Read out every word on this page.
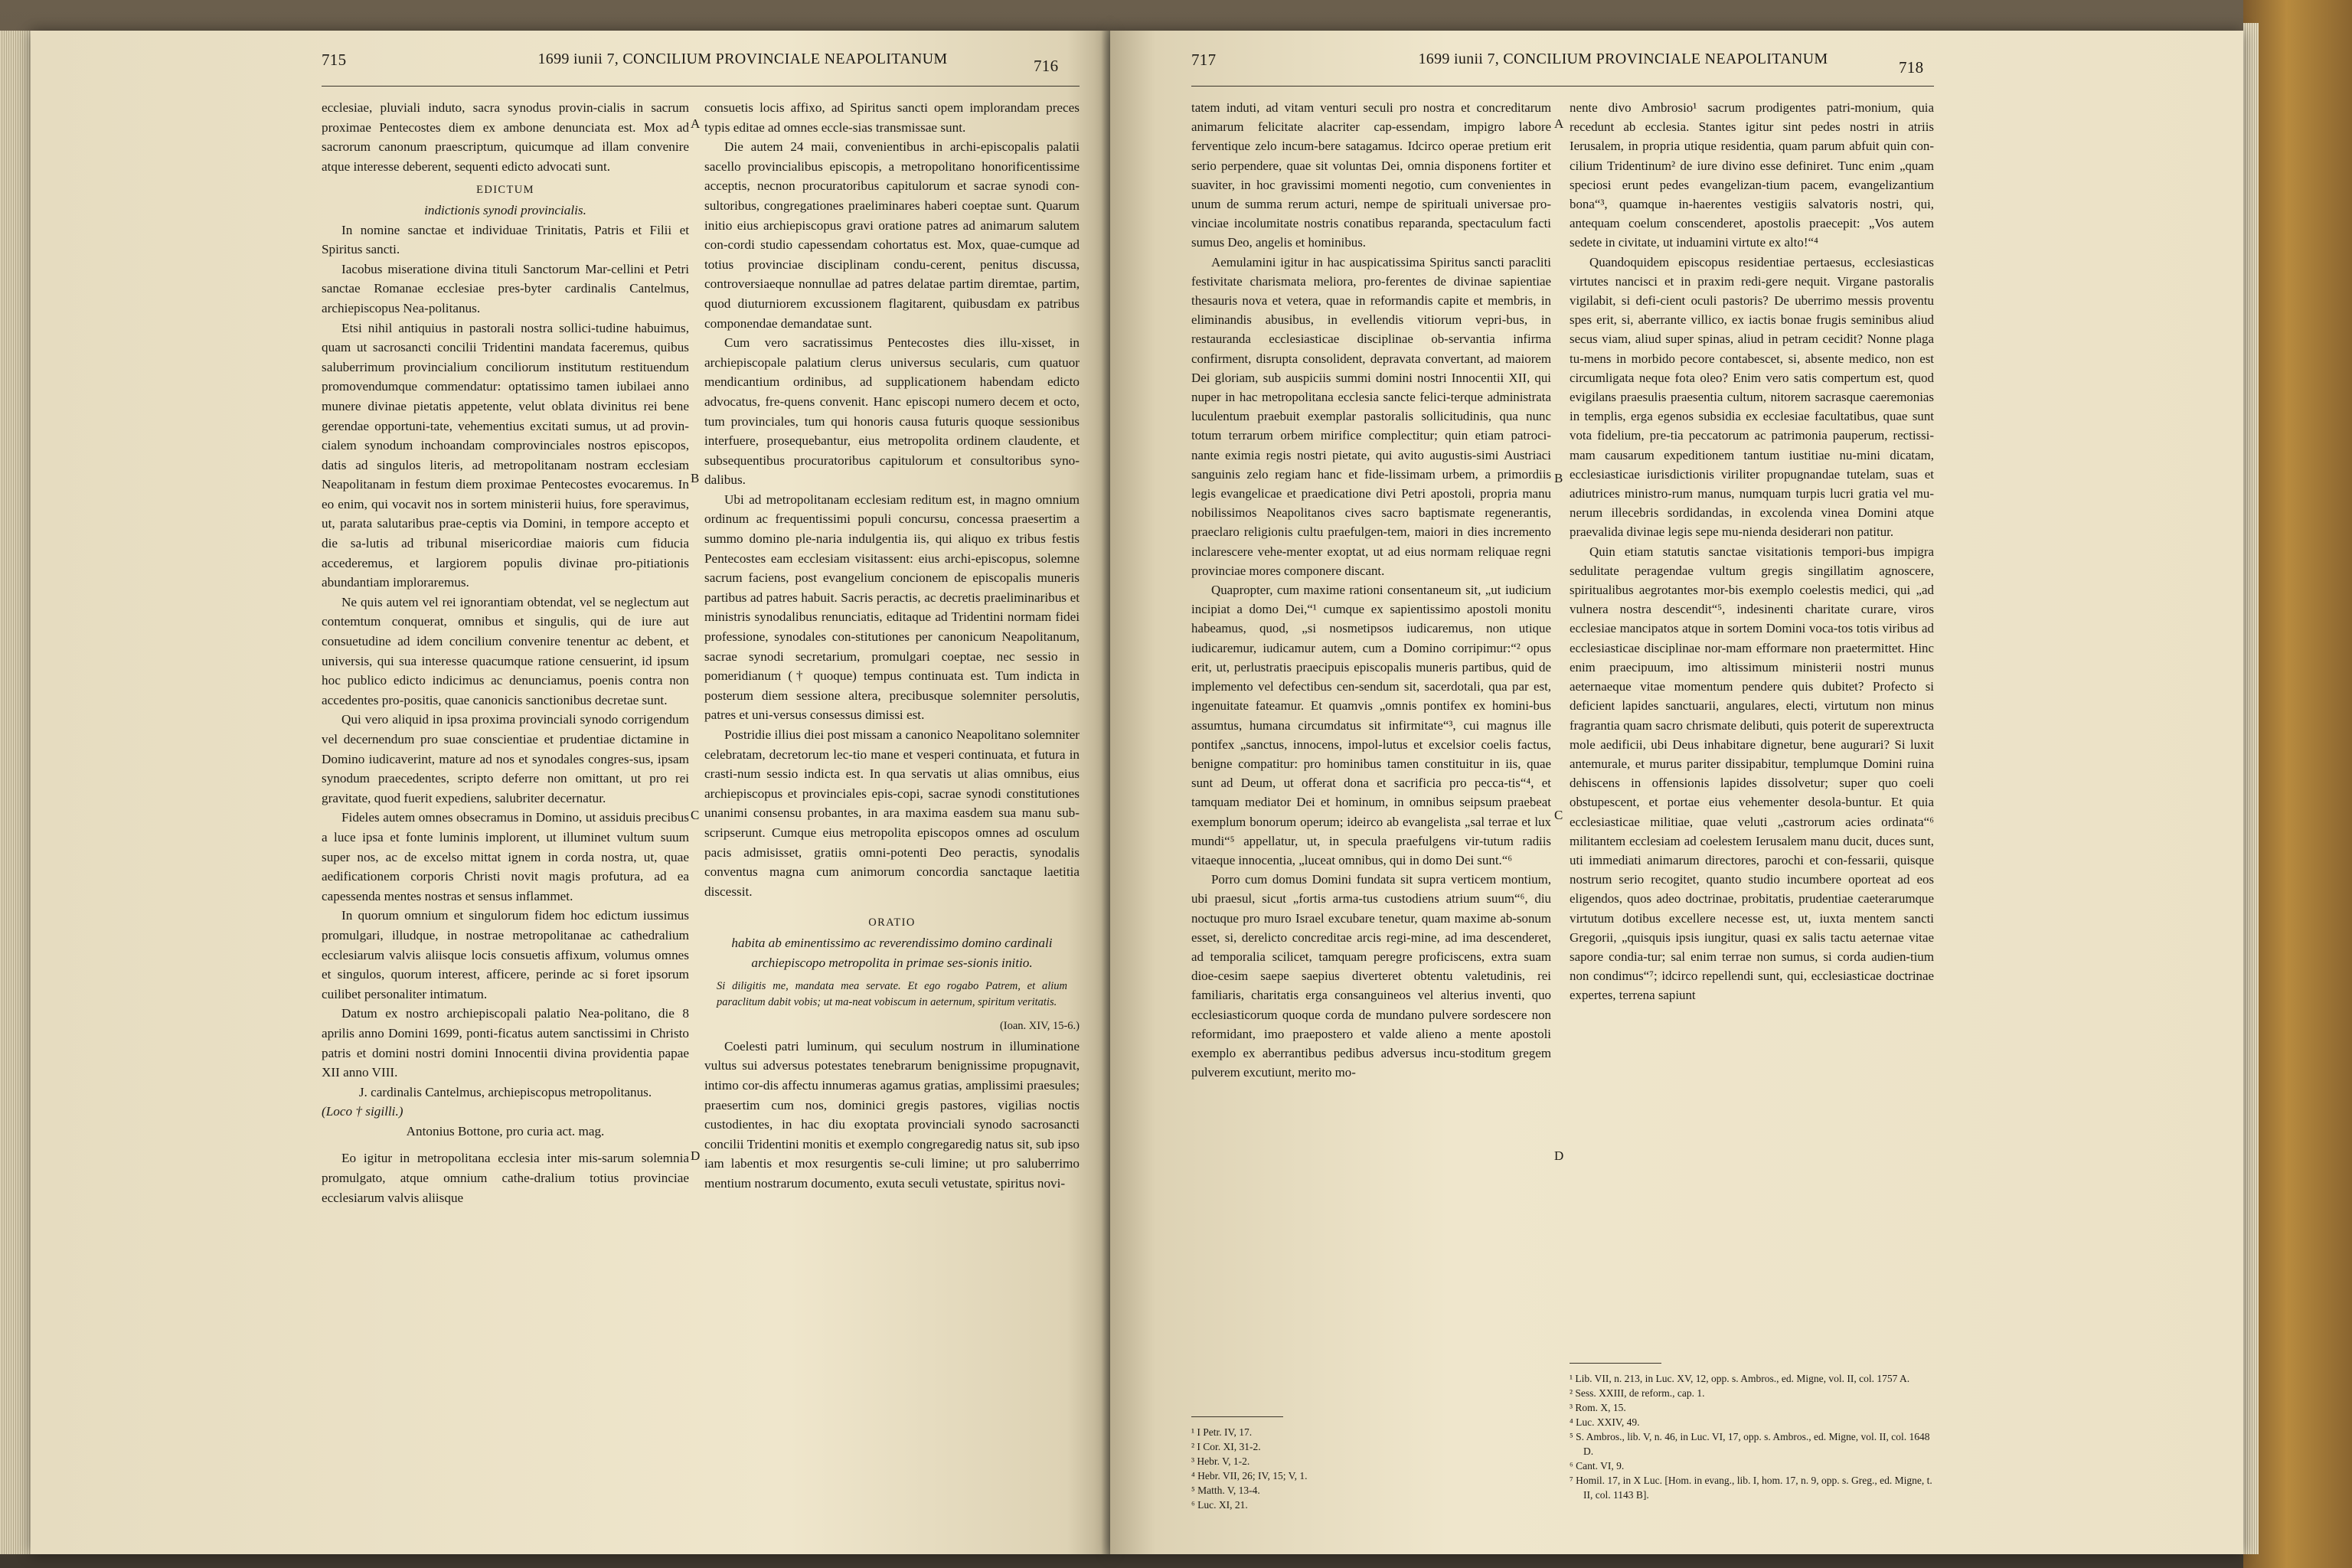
715	1699 iunii 7, CONCILIUM PROVINCIALE NEAPOLITANUM	716

ecclesiae, pluviali induto, sacra synodus provin-cialis in sacrum proximae Pentecostes diem ex ambone denunciata est. Mox ad sacrorum canonum praescriptum, quicumque ad illam convenire atque interesse deberent, sequenti edicto advocati sunt.

EDICTUM

indictionis synodi provincialis.

In nomine sanctae et individuae Trinitatis, Patris et Filii et Spiritus sancti.

Iacobus miseratione divina tituli Sanctorum Mar-cellini et Petri sanctae Romanae ecclesiae pres-byter cardinalis Cantelmus, archiepiscopus Nea-politanus.

Etsi nihil antiquius in pastorali nostra sollici-tudine habuimus, quam ut sacrosancti concilii Tridentini mandata faceremus, quibus saluberrimum provincialium conciliorum institutum restituendum promovendumque commendatur: optatissimo tamen iubilaei anno munere divinae pietatis appetente, velut oblata divinitus rei bene gerendae opportuni-tate, vehementius excitati sumus, ut ad provin-cialem synodum inchoandam comprovinciales nostros episcopos, datis ad singulos literis, ad metropolitanam nostram ecclesiam Neapolitanam in festum diem proximae Pentecostes evocaremus. In eo enim, qui vocavit nos in sortem ministerii huius, fore speravimus, ut, parata salutaribus prae-ceptis via Domini, in tempore accepto et die sa-lutis ad tribunal misericordiae maioris cum fiducia accederemus, et largiorem populis divinae pro-pitiationis abundantiam imploraremus.

Ne quis autem vel rei ignorantiam obtendat, vel se neglectum aut contemtum conquerat, omnibus et singulis, qui de iure aut consuetudine ad idem concilium convenire tenentur ac debent, et universis, qui sua interesse quacumque ratione censuerint, id ipsum hoc publico edicto indicimus ac denunciamus, poenis contra non accedentes pro-positis, quae canonicis sanctionibus decretae sunt.

Qui vero aliquid in ipsa proxima provinciali synodo corrigendum vel decernendum pro suae conscientiae et prudentiae dictamine in Domino iudicaverint, mature ad nos et synodales congres-sus, ipsam synodum praecedentes, scripto deferre non omittant, ut pro rei gravitate, quod fuerit expediens, salubriter decernatur.

Fideles autem omnes obsecramus in Domino, ut assiduis precibus a luce ipsa et fonte luminis implorent, ut illuminet vultum suum super nos, ac de excelso mittat ignem in corda nostra, ut, quae aedificationem corporis Christi novit magis profutura, ad ea capessenda mentes nostras et sensus inflammet.

In quorum omnium et singulorum fidem hoc edictum iussimus promulgari, illudque, in nostrae metropolitanae ac cathedralium ecclesiarum valvis aliisque locis consuetis affixum, volumus omnes et singulos, quorum interest, afficere, perinde ac si foret ipsorum cuilibet personaliter intimatum.

Datum ex nostro archiepiscopali palatio Nea-politano, die 8 aprilis anno Domini 1699, ponti-ficatus autem sanctissimi in Christo patris et domini nostri domini Innocentii divina providentia papae XII anno VIII.

J. cardinalis Cantelmus, archiepiscopus metropolitanus.

(Loco † sigilli.)

Antonius Bottone, pro curia act. mag.

Eo igitur in metropolitana ecclesia inter mis-sarum solemnia promulgato, atque omnium cathe-dralium totius provinciae ecclesiarum valvis aliisque

consuetis locis affixo, ad Spiritus sancti opem implorandam preces typis editae ad omnes eccle-sias transmissae sunt.

Die autem 24 maii, convenientibus in archi-episcopalis palatii sacello provincialibus episcopis, a metropolitano honorificentissime acceptis, necnon procuratoribus capitulorum et sacrae synodi con-sultoribus, congregationes praeliminares haberi coeptae sunt. Quarum initio eius archiepiscopus gravi oratione patres ad animarum salutem con-cordi studio capessendam cohortatus est. Mox, quae-cumque ad totius provinciae disciplinam condu-cerent, penitus discussa, controversiaeque nonnullae ad patres delatae partim diremtae, partim, quod diuturniorem excussionem flagitarent, quibusdam ex patribus componendae demandatae sunt.

Cum vero sacratissimus Pentecostes dies illu-xisset, in archiepiscopale palatium clerus universus secularis, cum quatuor mendicantium ordinibus, ad supplicationem habendam edicto advocatus, fre-quens convenit. Hanc episcopi numero decem et octo, tum provinciales, tum qui honoris causa futuris quoque sessionibus interfuere, prosequebantur, eius metropolita ordinem claudente, et subsequentibus procuratoribus capitulorum et consultoribus syno-dalibus.

Ubi ad metropolitanam ecclesiam reditum est, in magno omnium ordinum ac frequentissimi populi concursu, concessa praesertim a summo domino ple-naria indulgentia iis, qui aliquo ex tribus festis Pentecostes eam ecclesiam visitassent: eius archi-episcopus, solemne sacrum faciens, post evangelium concionem de episcopalis muneris partibus ad patres habuit. Sacris peractis, ac decretis praeliminaribus et ministris synodalibus renunciatis, editaque ad Tridentini normam fidei professione, synodales con-stitutiones per canonicum Neapolitanum, sacrae synodi secretarium, promulgari coeptae, nec sessio in pomeridianum († quoque) tempus continuata est. Tum indicta in posterum diem sessione altera, precibusque solemniter persolutis, patres et uni-versus consessus dimissi est.

Postridie illius diei post missam a canonico Neapolitano solemniter celebratam, decretorum lec-tio mane et vesperi continuata, et futura in crasti-num sessio indicta est. In qua servatis ut alias omnibus, eius archiepiscopus et provinciales epis-copi, sacrae synodi constitutiones unanimi consensu probantes, in ara maxima easdem sua manu sub-scripserunt. Cumque eius metropolita episcopos omnes ad osculum pacis admisisset, gratiis omni-potenti Deo peractis, synodalis conventus magna cum animorum concordia sanctaque laetitia discessit.

ORATIO

habita ab eminentissimo ac reverendissimo domino cardinali archiepiscopo metropolita in primae ses-sionis initio.

Si diligitis me, mandata mea servate. Et ego rogabo Patrem, et alium paraclitum dabit vobis; ut ma-neat vobiscum in aeternum, spiritum veritatis.

(Ioan. XIV, 15-6.)

Coelesti patri luminum, qui seculum nostrum in illuminatione vultus sui adversus potestates tenebrarum benignissime propugnavit, intimo cor-dis affectu innumeras agamus gratias, amplissimi praesules; praesertim cum nos, dominici gregis pastores, vigilias noctis custodientes, in hac diu exoptata provinciali synodo sacrosancti concilii Tridentini monitis et exemplo congregaredig natus sit, sub ipso iam labentis et mox resurgentis se-culi limine; ut pro saluberrimo mentium nostrarum documento, exuta seculi vetustate, spiritus novi-

A
B
C
D
717	1699 iunii 7, CONCILIUM PROVINCIALE NEAPOLITANUM	718

tatem induti, ad vitam venturi seculi pro nostra et concreditarum animarum felicitate alacriter cap-essendam, impigro labore ferventique zelo incum-bere satagamus. Idcirco operae pretium erit serio perpendere, quae sit voluntas Dei, omnia disponens fortiter et suaviter, in hoc gravissimi momenti negotio, cum convenientes in unum de summa rerum acturi, nempe de spirituali universae pro-vinciae incolumitate nostris conatibus reparanda, spectaculum facti sumus Deo, angelis et hominibus.

Aemulamini igitur in hac auspicatissima Spiritus sancti paracliti festivitate charismata meliora, pro-ferentes de divinae sapientiae thesauris nova et vetera, quae in reformandis capite et membris, in eliminandis abusibus, in evellendis vitiorum vepri-bus, in restauranda ecclesiasticae disciplinae ob-servantia infirma confirment, disrupta consolident, depravata convertant, ad maiorem Dei gloriam, sub auspiciis summi domini nostri Innocentii XII, qui nuper in hac metropolitana ecclesia sancte felici-terque administrata luculentum praebuit exemplar pastoralis sollicitudinis, qua nunc totum terrarum orbem mirifice complectitur; quin etiam patroci-nante eximia regis nostri pietate, qui avito augustis-simi Austriaci sanguinis zelo regiam hanc et fide-lissimam urbem, a primordiis legis evangelicae et praedicatione divi Petri apostoli, propria manu nobilissimos Neapolitanos cives sacro baptismate regenerantis, praeclaro religionis cultu praefulgen-tem, maiori in dies incremento inclarescere vehe-menter exoptat, ut ad eius normam reliquae regni provinciae mores componere discant.

Quapropter, cum maxime rationi consentaneum sit, „ut iudicium incipiat a domo Dei,“¹ cumque ex sapientissimo apostoli monitu habeamus, quod, „si nosmetipsos iudicaremus, non utique iudicaremur, iudicamur autem, cum a Domino corripimur:“² opus erit, ut, perlustratis praecipuis episcopalis muneris partibus, quid de implemento vel defectibus cen-sendum sit, sacerdotali, qua par est, ingenuitate fateamur. Et quamvis „omnis pontifex ex homini-bus assumtus, humana circumdatus sit infirmitate“³, cui magnus ille pontifex „sanctus, innocens, impol-lutus et excelsior coelis factus, benigne compatitur: pro hominibus tamen constituitur in iis, quae sunt ad Deum, ut offerat dona et sacrificia pro pecca-tis“⁴, et tamquam mediator Dei et hominum, in omnibus seipsum praebeat exemplum bonorum operum; ideirco ab evangelista „sal terrae et lux mundi“⁵ appellatur, ut, in specula praefulgens vir-tutum radiis vitaeque innocentia, „luceat omnibus, qui in domo Dei sunt.“⁶

Porro cum domus Domini fundata sit supra verticem montium, ubi praesul, sicut „fortis arma-tus custodiens atrium suum“⁶, diu noctuque pro muro Israel excubare tenetur, quam maxime ab-sonum esset, si, derelicto concreditae arcis regi-mine, ad ima descenderet, ad temporalia scilicet, tamquam peregre proficiscens, extra suam dioe-cesim saepe saepius diverteret obtentu valetudinis, rei familiaris, charitatis erga consanguineos vel alterius inventi, quo ecclesiasticorum quoque corda de mundano pulvere sordescere non reformidant, imo praepostero et valde alieno a mente apostoli exemplo ex aberrantibus pedibus adversus incu-stoditum gregem pulverem excutiunt, merito mo-

nente divo Ambrosio¹ sacrum prodigentes patri-monium, quia recedunt ab ecclesia. Stantes igitur sint pedes nostri in atriis Ierusalem, in propria utique residentia, quam parum abfuit quin con-cilium Tridentinum² de iure divino esse definiret. Tunc enim „quam speciosi erunt pedes evangelizan-tium pacem, evangelizantium bona“³, quamque in-haerentes vestigiis salvatoris nostri, qui, antequam coelum conscenderet, apostolis praecepit: „Vos autem sedete in civitate, ut induamini virtute ex alto!“⁴

Quandoquidem episcopus residentiae pertaesus, ecclesiasticas virtutes nancisci et in praxim redi-gere nequit. Virgane pastoralis vigilabit, si defi-cient oculi pastoris? De uberrimo messis proventu spes erit, si, aberrante villico, ex iactis bonae frugis seminibus aliud secus viam, aliud super spinas, aliud in petram cecidit? Nonne plaga tu-mens in morbido pecore contabescet, si, absente medico, non est circumligata neque fota oleo? Enim vero satis compertum est, quod evigilans praesulis praesentia cultum, nitorem sacrasque caeremonias in templis, erga egenos subsidia ex ecclesiae facultatibus, quae sunt vota fidelium, pre-tia peccatorum ac patrimonia pauperum, rectissi-mam causarum expeditionem tantum iustitiae nu-mini dicatam, ecclesiasticae iurisdictionis viriliter propugnandae tutelam, suas et adiutrices ministro-rum manus, numquam turpis lucri gratia vel mu-nerum illecebris sordidandas, in excolenda vinea Domini atque praevalida divinae legis sepe mu-nienda desiderari non patitur.

Quin etiam statutis sanctae visitationis tempori-bus impigra sedulitate peragendae vultum gregis singillatim agnoscere, spiritualibus aegrotantes mor-bis exemplo coelestis medici, qui „ad vulnera nostra descendit“⁵, indesinenti charitate curare, viros ecclesiae mancipatos atque in sortem Domini voca-tos totis viribus ad ecclesiasticae disciplinae nor-mam efformare non praetermittet. Hinc enim praecipuum, imo altissimum ministerii nostri munus aeternaeque vitae momentum pendere quis dubitet? Profecto si deficient lapides sanctuarii, angulares, electi, virtutum non minus fragrantia quam sacro chrismate delibuti, quis poterit de superextructa mole aedificii, ubi Deus inhabitare dignetur, bene augurari? Si luxit antemurale, et murus pariter dissipabitur, templumque Domini ruina dehiscens in offensionis lapides dissolvetur; super quo coeli obstupescent, et portae eius vehementer desola-buntur. Et quia ecclesiasticae militiae, quae veluti „castrorum acies ordinata“⁶ militantem ecclesiam ad coelestem Ierusalem manu ducit, duces sunt, uti immediati animarum directores, parochi et con-fessarii, quisque nostrum serio recogitet, quanto studio incumbere oporteat ad eos eligendos, quos adeo doctrinae, probitatis, prudentiae caeterarumque virtutum dotibus excellere necesse est, ut, iuxta mentem sancti Gregorii, „quisquis ipsis iungitur, quasi ex salis tactu aeternae vitae sapore condia-tur; sal enim terrae non sumus, si corda audien-tium non condimus“⁷; idcirco repellendi sunt, qui, ecclesiasticae doctrinae expertes, terrena sapiunt

A
B
C
D

¹ I Petr. IV, 17.

² I Cor. XI, 31-2.

³ Hebr. V, 1-2.

⁴ Hebr. VII, 26; IV, 15; V, 1.

⁵ Matth. V, 13-4.

⁶ Luc. XI, 21.

¹ Lib. VII, n. 213, in Luc. XV, 12, opp. s. Ambros., ed. Migne, vol. II, col. 1757 A.

² Sess. XXIII, de reform., cap. 1.

³ Rom. X, 15.

⁴ Luc. XXIV, 49.

⁵ S. Ambros., lib. V, n. 46, in Luc. VI, 17, opp. s. Ambros., ed. Migne, vol. II, col. 1648 D.

⁶ Cant. VI, 9.

⁷ Homil. 17, in X Luc. [Hom. in evang., lib. I, hom. 17, n. 9, opp. s. Greg., ed. Migne, t. II, col. 1143 B].
